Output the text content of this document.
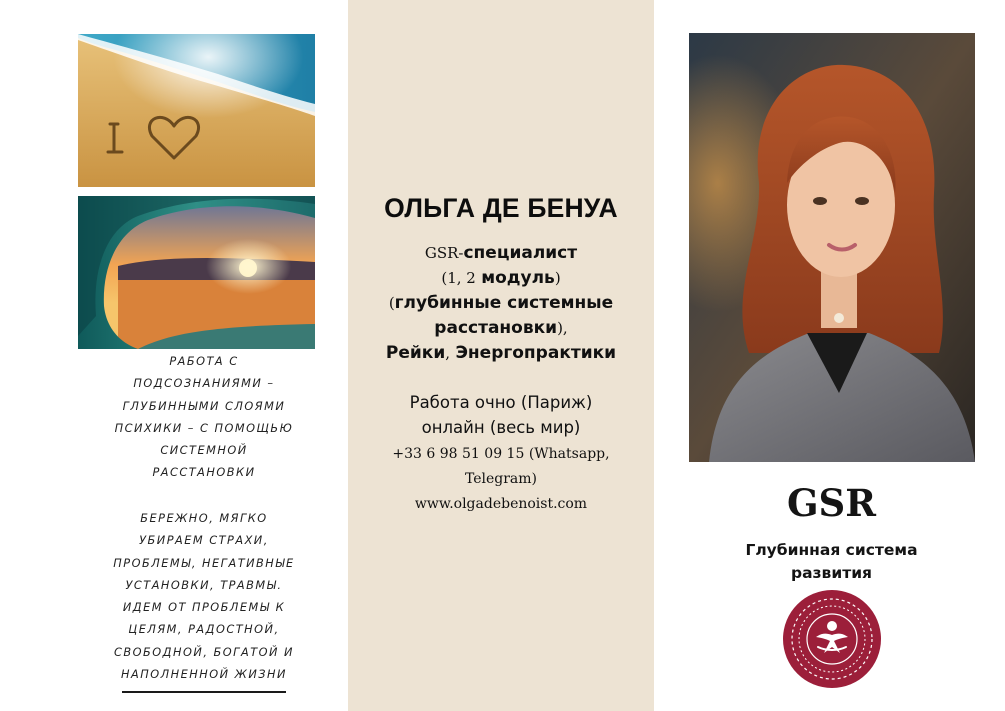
РАБОТА С

ПОДСОЗНАНИЯМИ –

ГЛУБИННЫМИ СЛОЯМИ

ПСИХИКИ – С ПОМОЩЬЮ

СИСТЕМНОЙ

РАССТАНОВКИ

БЕРЕЖНО, МЯГКО

УБИРАЕМ СТРАХИ,

ПРОБЛЕМЫ, НЕГАТИВНЫЕ

УСТАНОВКИ, ТРАВМЫ.

ИДЕМ ОТ ПРОБЛЕМЫ К

ЦЕЛЯМ, РАДОСТНОЙ,

СВОБОДНОЙ, БОГАТОЙ И

НАПОЛНЕННОЙ ЖИЗНИ

ОЛЬГА ДЕ БЕНУА
GSR-специалист
(1, 2 модуль)
(глубинные системные
расстановки),
Рейки, Энергопрактики
Работа очно (Париж)
онлайн (весь мир)
+33 6 98 51 09 15 (Whatsapp,
Telegram)
www.olgadebenoist.com	GSR
Глубинная система
развития
